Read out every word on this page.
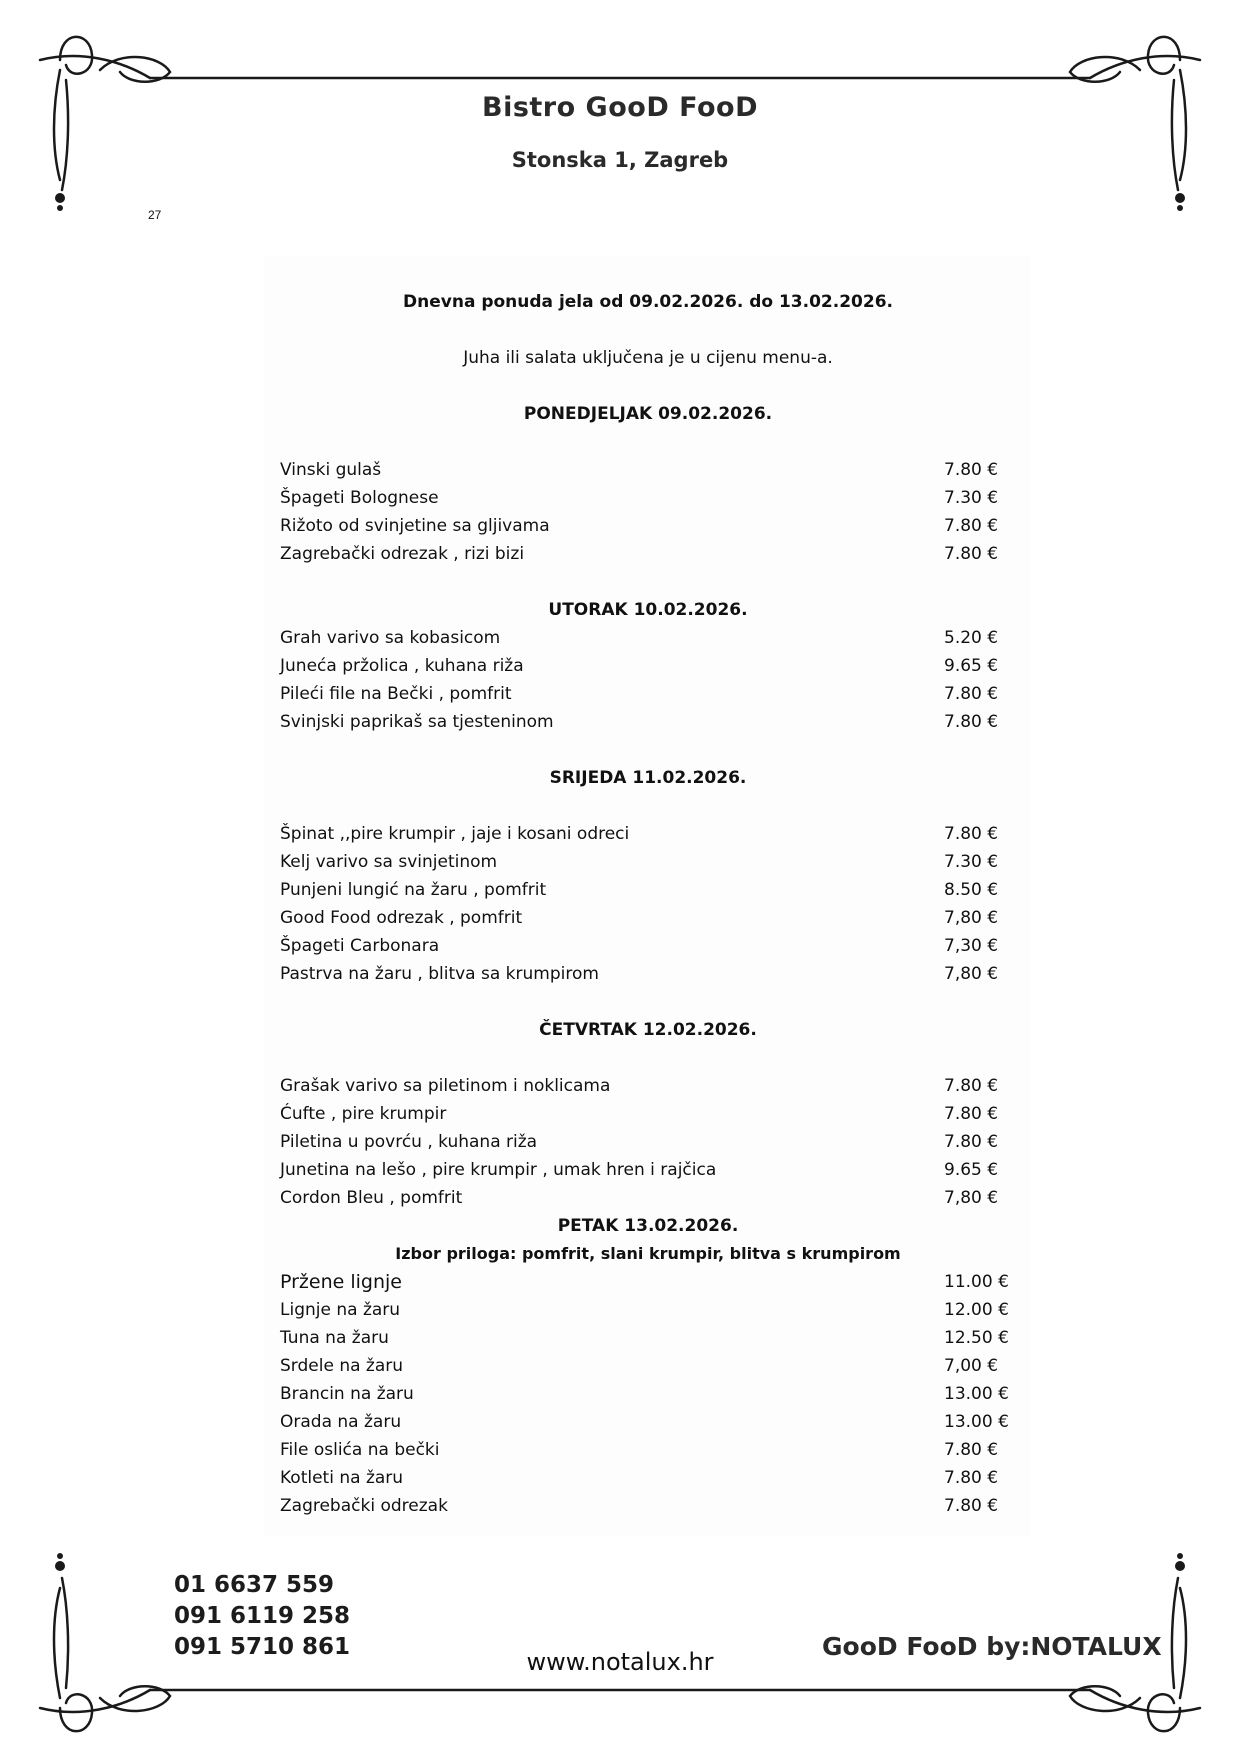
Bistro GooD FooD
Stonska 1, Zagreb
27
Dnevna ponuda jela od 09.02.2026. do 13.02.2026.
Juha ili salata uključena je u cijenu menu-a.
PONEDJELJAK 09.02.2026.
Vinski gulaš	7.80 €
Špageti Bolognese	7.30 €
Rižoto od svinjetine sa gljivama	7.80 €
Zagrebački odrezak , rizi bizi	7.80 €
UTORAK 10.02.2026.
Grah varivo sa kobasicom	5.20 €
Juneća pržolica , kuhana riža	9.65 €
Pileći file na Bečki , pomfrit	7.80 €
Svinjski paprikaš sa tjesteninom	7.80 €
SRIJEDA 11.02.2026.
Špinat ,,pire krumpir , jaje i kosani odreci	7.80 €
Kelj varivo sa svinjetinom	7.30 €
Punjeni lungić na žaru , pomfrit	8.50 €
Good Food odrezak , pomfrit	7,80 €
Špageti Carbonara	7,30 €
Pastrva na žaru , blitva sa krumpirom	7,80 €
ČETVRTAK 12.02.2026.
Grašak varivo sa piletinom i noklicama	7.80 €
Ćufte , pire krumpir	7.80 €
Piletina u povrću , kuhana riža	7.80 €
Junetina na lešo , pire krumpir , umak hren i rajčica	9.65 €
Cordon Bleu , pomfrit	7,80 €
PETAK 13.02.2026.
Izbor priloga: pomfrit, slani krumpir, blitva s krumpirom
Pržene lignje	11.00 €
Lignje na žaru	12.00 €
Tuna na žaru	12.50 €
Srdele na žaru	7,00 €
Brancin na žaru	13.00 €
Orada na žaru	13.00 €
File oslića na bečki	7.80 €
Kotleti na žaru	7.80 €
Zagrebački odrezak	7.80 €
01 6637 559
091 6119 258
091 5710 861	GooD FooD by:NOTALUX
www.notalux.hr
